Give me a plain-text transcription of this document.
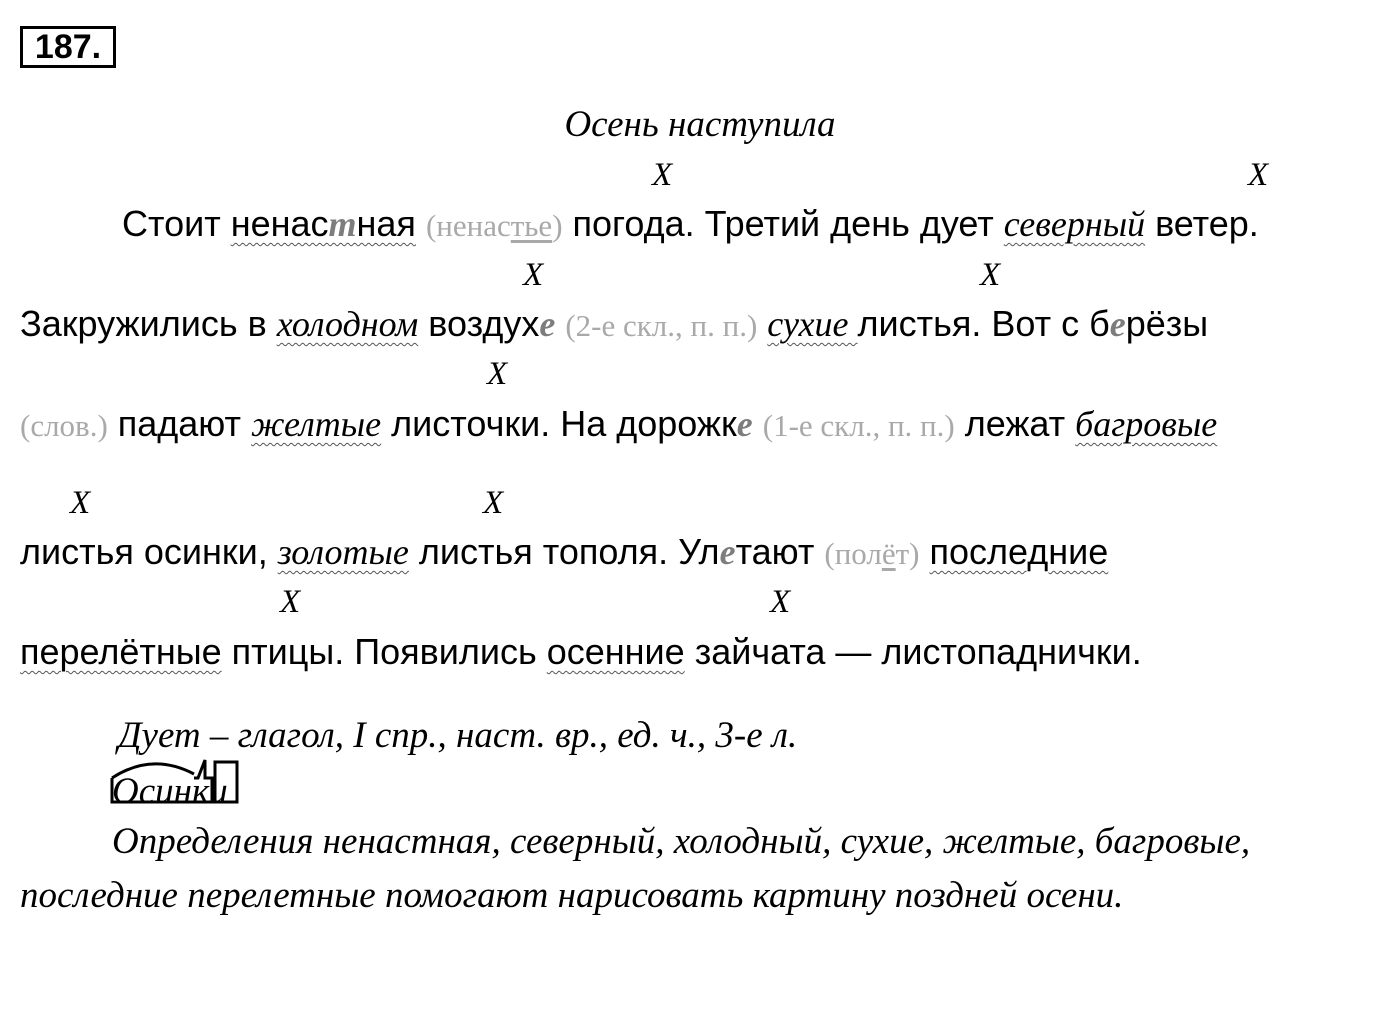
187.
Осень наступила
X	X
X	X
X
X	X
X	X
Стоит ненастная (ненастье) погода. Третий день дует северный ветер.
Закружились в холодном воздухе (2-е скл., п. п.) сухие листья. Вот с берёзы
(слов.) падают желтые листочки. На дорожке (1-е скл., п. п.) лежат багровые
листья осинки, золотые листья тополя. Улетают (полёт) последние
перелётные птицы. Появились осенние зайчата — листопаднички.
Дует – глагол, I спр., наст. вр., ед. ч., 3-е л.
Осинки
Определения ненастная, северный, холодный, сухие, желтые, багровые,
последние перелетные помогают нарисовать картину поздней осени.
